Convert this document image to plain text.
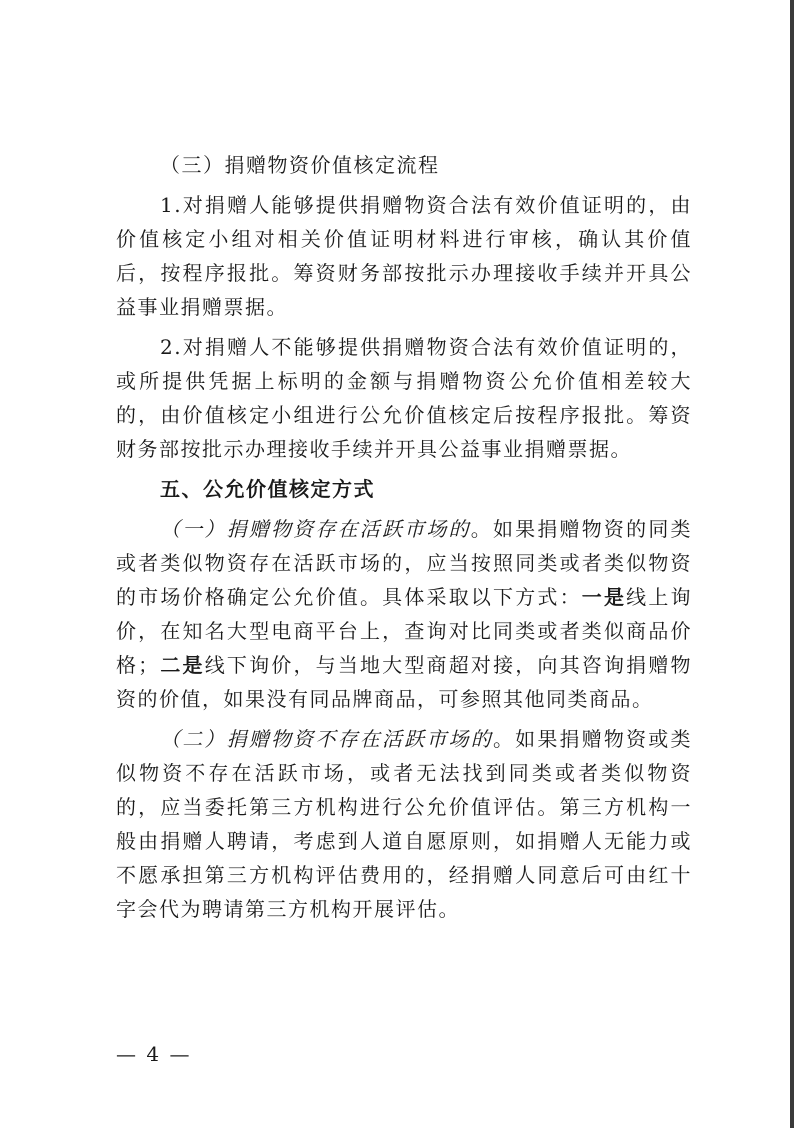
（三）捐赠物资价值核定流程
1.对捐赠人能够提供捐赠物资合法有效价值证明的，由
价值核定小组对相关价值证明材料进行审核，确认其价值
后，按程序报批。筹资财务部按批示办理接收手续并开具公
益事业捐赠票据。
2.对捐赠人不能够提供捐赠物资合法有效价值证明的，
或所提供凭据上标明的金额与捐赠物资公允价值相差较大
的，由价值核定小组进行公允价值核定后按程序报批。筹资
财务部按批示办理接收手续并开具公益事业捐赠票据。
五、公允价值核定方式
（一）捐赠物资存在活跃市场的。如果捐赠物资的同类
或者类似物资存在活跃市场的，应当按照同类或者类似物资
的市场价格确定公允价值。具体采取以下方式：一是线上询
价，在知名大型电商平台上，查询对比同类或者类似商品价
格；二是线下询价，与当地大型商超对接，向其咨询捐赠物
资的价值，如果没有同品牌商品，可参照其他同类商品。
（二）捐赠物资不存在活跃市场的。如果捐赠物资或类
似物资不存在活跃市场，或者无法找到同类或者类似物资
的，应当委托第三方机构进行公允价值评估。第三方机构一
般由捐赠人聘请，考虑到人道自愿原则，如捐赠人无能力或
不愿承担第三方机构评估费用的，经捐赠人同意后可由红十
字会代为聘请第三方机构开展评估。
— 4 —
